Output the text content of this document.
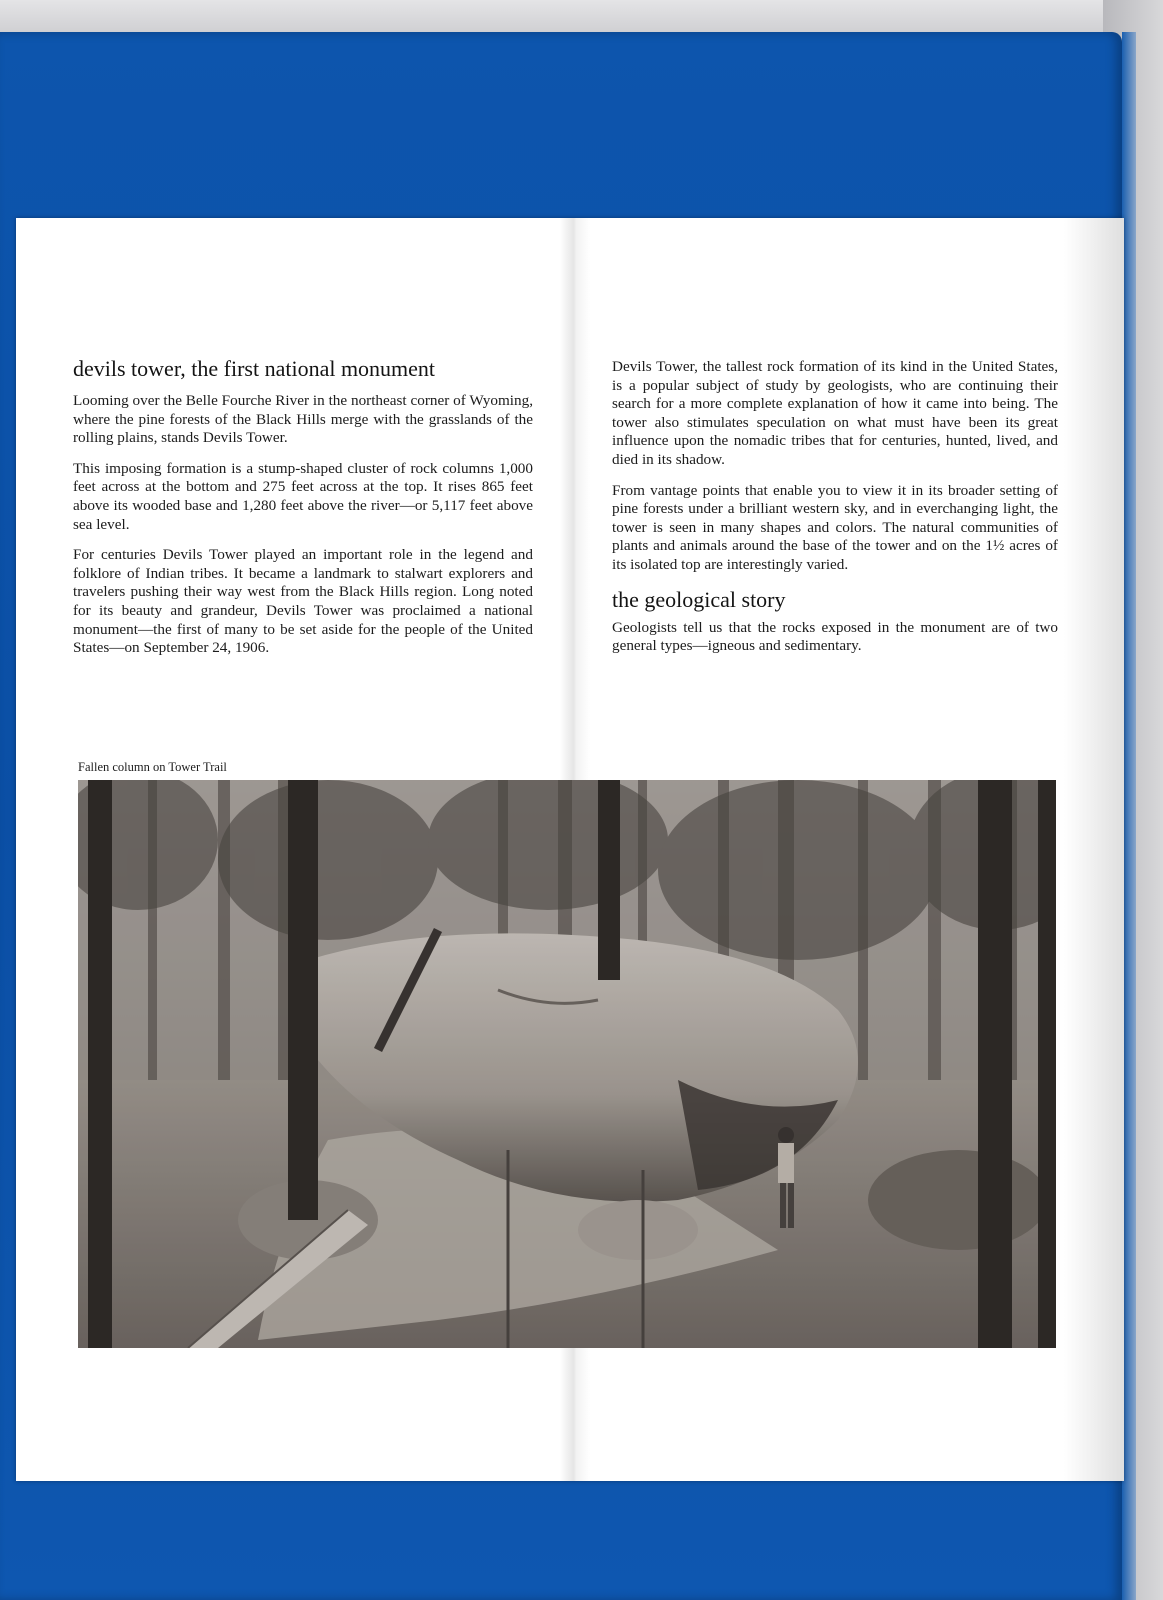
devils tower, the first national monument

Looming over the Belle Fourche River in the northeast corner of Wyoming, where the pine forests of the Black Hills merge with the grasslands of the rolling plains, stands Devils Tower.

This imposing formation is a stump-shaped cluster of rock columns 1,000 feet across at the bottom and 275 feet across at the top. It rises 865 feet above its wooded base and 1,280 feet above the river—or 5,117 feet above sea level.

For centuries Devils Tower played an important role in the legend and folklore of Indian tribes. It became a landmark to stalwart explorers and travelers pushing their way west from the Black Hills region. Long noted for its beauty and grandeur, Devils Tower was proclaimed a national monument—the first of many to be set aside for the people of the United States—on September 24, 1906.

Devils Tower, the tallest rock formation of its kind in the United States, is a popular subject of study by geologists, who are continuing their search for a more complete explanation of how it came into being. The tower also stimulates speculation on what must have been its great influence upon the nomadic tribes that for centuries, hunted, lived, and died in its shadow.

From vantage points that enable you to view it in its broader setting of pine forests under a brilliant western sky, and in everchanging light, the tower is seen in many shapes and colors. The natural communities of plants and animals around the base of the tower and on the 1½ acres of its isolated top are interestingly varied.

the geological story

Geologists tell us that the rocks exposed in the monument are of two general types—igneous and sedimentary.

Fallen column on Tower Trail
